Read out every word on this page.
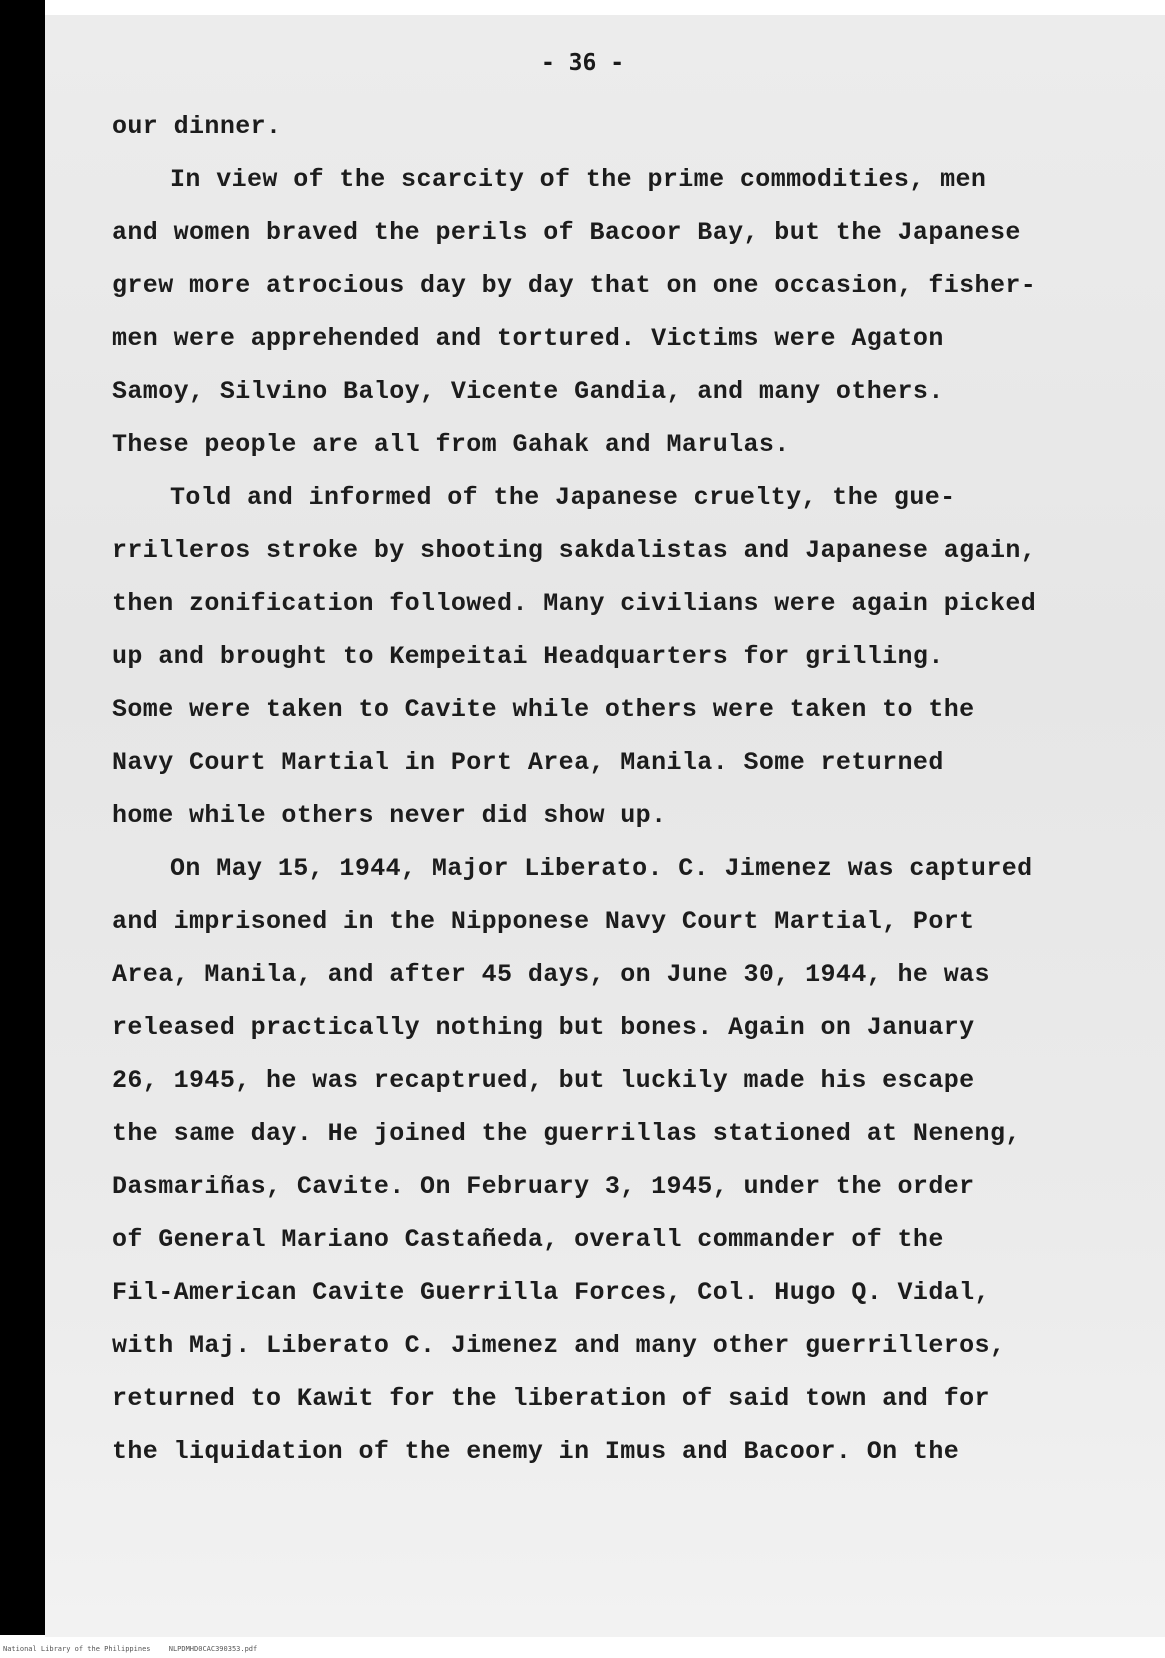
- 36 -
our dinner.
In view of the scarcity of the prime commodities, men
and women braved the perils of Bacoor Bay, but the Japanese
grew more atrocious day by day that on one occasion, fisher-
men were apprehended and tortured. Victims were Agaton
Samoy, Silvino Baloy, Vicente Gandia, and many others.
These people are all from Gahak and Marulas.
Told and informed of the Japanese cruelty, the gue-
rrilleros stroke by shooting sakdalistas and Japanese again,
then zonification followed. Many civilians were again picked
up and brought to Kempeitai Headquarters for grilling.
Some were taken to Cavite while others were taken to the
Navy Court Martial in Port Area, Manila. Some returned
home while others never did show up.
On May 15, 1944, Major Liberato. C. Jimenez was captured
and imprisoned in the Nipponese Navy Court Martial, Port
Area, Manila, and after 45 days, on June 30, 1944, he was
released practically nothing but bones. Again on January
26, 1945, he was recaptrued, but luckily made his escape
the same day. He joined the guerrillas stationed at Neneng,
Dasmariñas, Cavite. On February 3, 1945, under the order
of General Mariano Castañeda, overall commander of the
Fil-American Cavite Guerrilla Forces, Col. Hugo Q. Vidal,
with Maj. Liberato C. Jimenez and many other guerrilleros,
returned to Kawit for the liberation of said town and for
the liquidation of the enemy in Imus and Bacoor. On the
National Library of the Philippines	NLPDMHD0CAC390353.pdf
